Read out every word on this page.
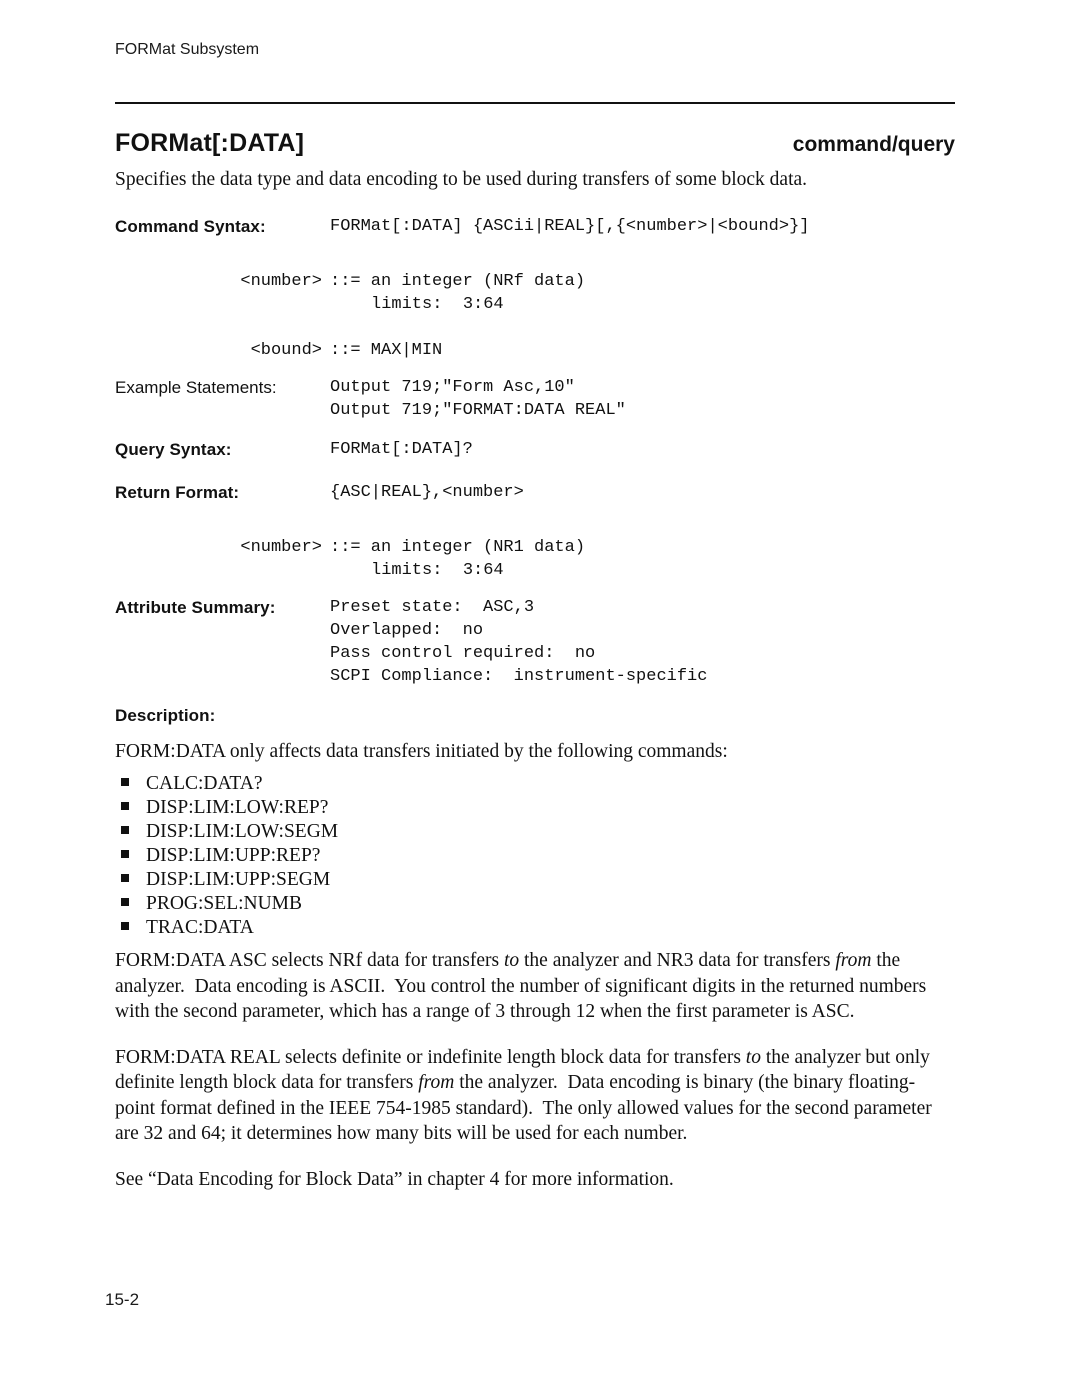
FORMat Subsystem
FORMat[:DATA]	command/query

Specifies the data type and data encoding to be used during transfers of some block data.

Command Syntax:	FORMat[:DATA] {ASCii|REAL}[,{<number>|<bound>}]
<number> ::= an integer (NRf data)
limits:  3:64
<bound> ::= MAX|MIN
Example Statements:	Output 719;"Form Asc,10"
Output 719;"FORMAT:DATA REAL"
Query Syntax:	FORMat[:DATA]?
Return Format:	{ASC|REAL},<number>
<number> ::= an integer (NR1 data)
limits:  3:64
Attribute Summary:	Preset state:  ASC,3
Overlapped:  no
Pass control required:  no
SCPI Compliance:  instrument-specific
Description:

FORM:DATA only affects data transfers initiated by the following commands:

CALC:DATA?
DISP:LIM:LOW:REP?
DISP:LIM:LOW:SEGM
DISP:LIM:UPP:REP?
DISP:LIM:UPP:SEGM
PROG:SEL:NUMB
TRAC:DATA

FORM:DATA ASC selects NRf data for transfers to the analyzer and NR3 data for transfers from the analyzer.  Data encoding is ASCII.  You control the number of significant digits in the returned numbers with the second parameter, which has a range of 3 through 12 when the first parameter is ASC.

FORM:DATA REAL selects definite or indefinite length block data for transfers to the analyzer but only definite length block data for transfers from the analyzer.  Data encoding is binary (the binary floating-point format defined in the IEEE 754-1985 standard).  The only allowed values for the second parameter are 32 and 64; it determines how many bits will be used for each number.

See “Data Encoding for Block Data” in chapter 4 for more information.

15-2
